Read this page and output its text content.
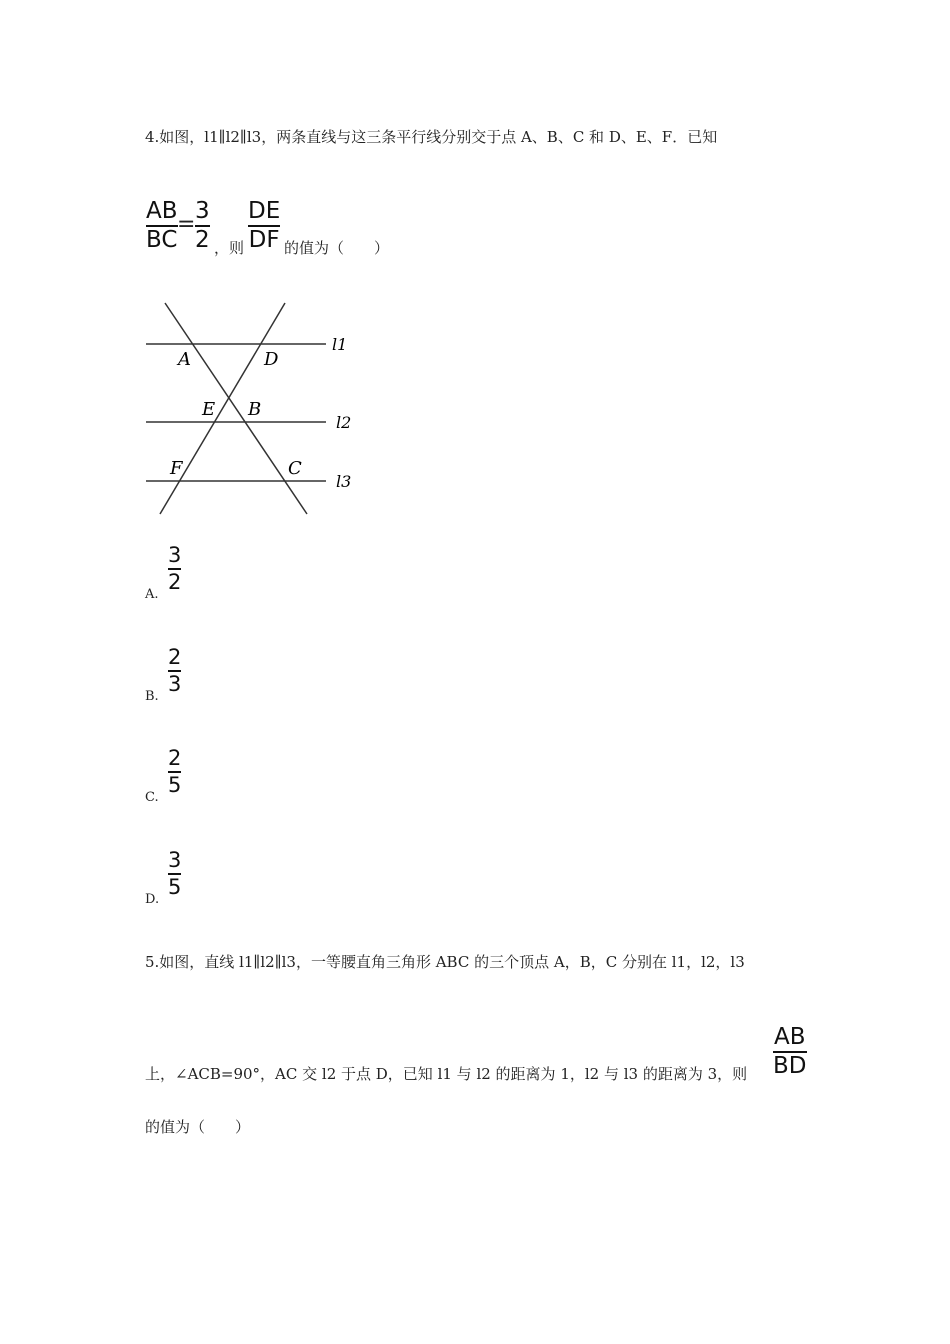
4.如图，l1∥l2∥l3，两条直线与这三条平行线分别交于点 A、B、C 和 D、E、F．已知
AB
BC
=
3
2 ，则
DE
DF 的值为（　　）
A	D
E B
F	C
l1
l2
l3
A.
3
2
B.
2
3
C.
2
5
D.
3
5
5.如图，直线 l1∥l2∥l3，一等腰直角三角形 ABC 的三个顶点 A，B，C 分别在 l1，l2，l3
上，∠ACB=90°，AC 交 l2 于点 D，已知 l1 与 l2 的距离为 1，l2 与 l3 的距离为 3，则
AB
BD
的值为（　　）
